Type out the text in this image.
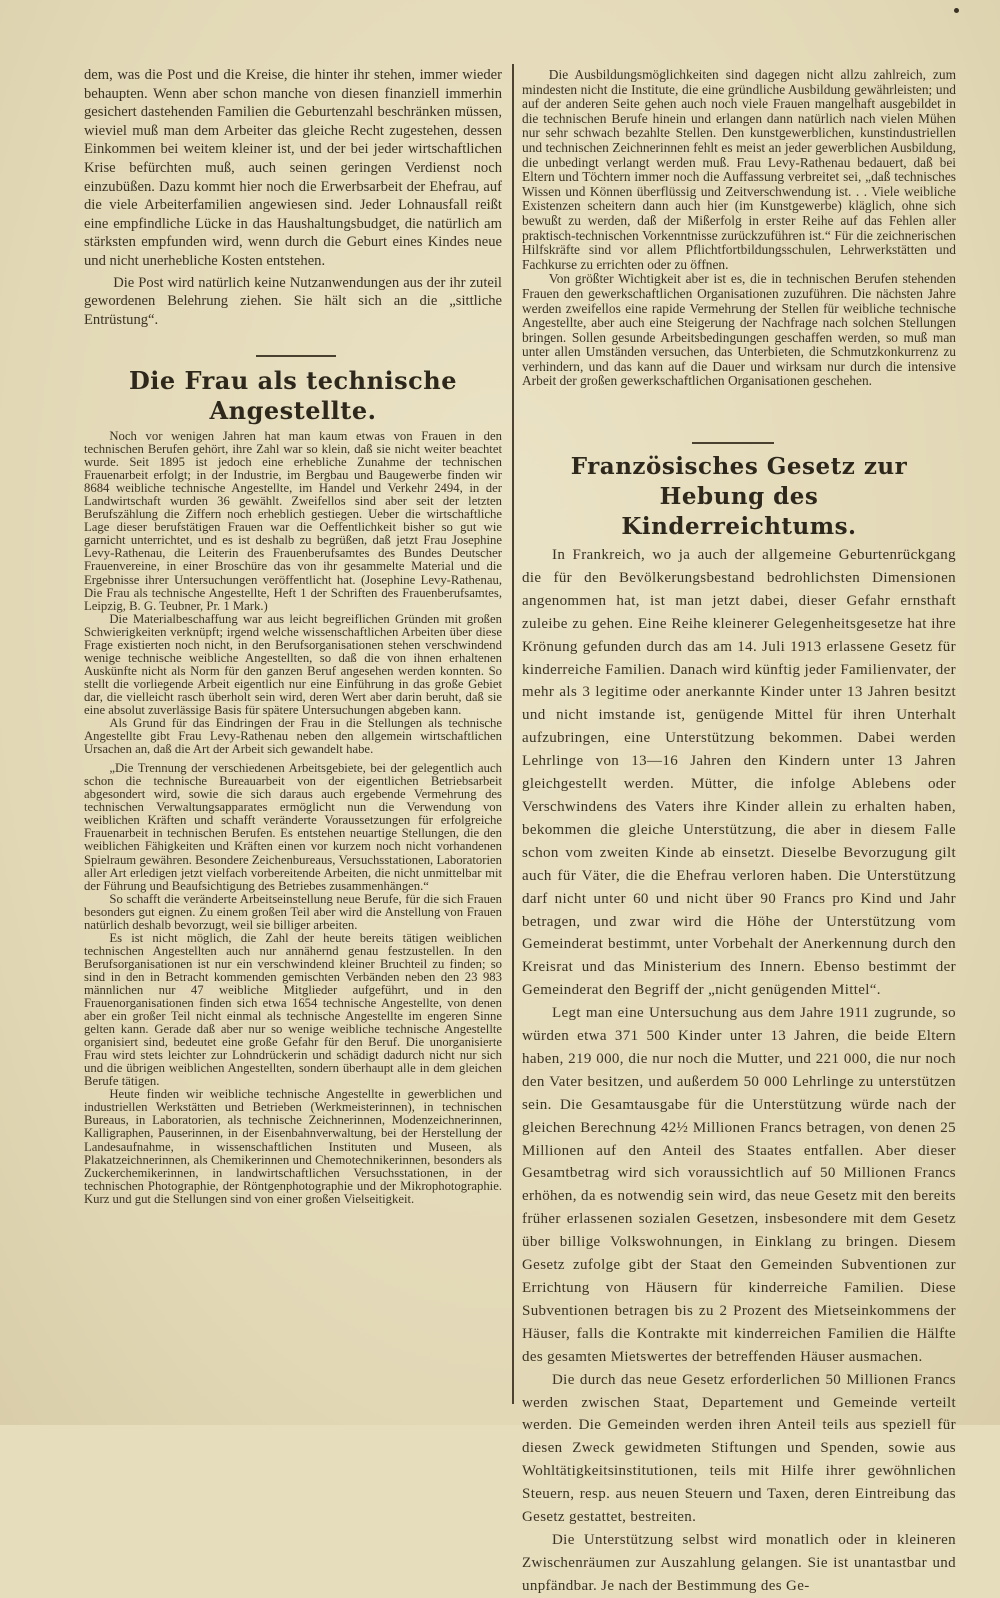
dem, was die Post und die Kreise, die hinter ihr stehen, immer wieder behaupten. Wenn aber schon manche von diesen finanziell immerhin gesichert dastehenden Familien die Geburtenzahl beschränken müssen, wieviel muß man dem Arbeiter das gleiche Recht zugestehen, dessen Einkommen bei weitem kleiner ist, und der bei jeder wirtschaftlichen Krise befürchten muß, auch seinen geringen Verdienst noch einzubüßen. Dazu kommt hier noch die Erwerbsarbeit der Ehefrau, auf die viele Arbeiterfamilien angewiesen sind. Jeder Lohnausfall reißt eine empfindliche Lücke in das Haushaltungsbudget, die natürlich am stärksten empfunden wird, wenn durch die Geburt eines Kindes neue und nicht unerhebliche Kosten entstehen.

Die Post wird natürlich keine Nutzanwendungen aus der ihr zuteil gewordenen Belehrung ziehen. Sie hält sich an die „sittliche Entrüstung“.

Die Frau als technische Angestellte.

Noch vor wenigen Jahren hat man kaum etwas von Frauen in den technischen Berufen gehört, ihre Zahl war so klein, daß sie nicht weiter beachtet wurde. Seit 1895 ist jedoch eine erhebliche Zunahme der technischen Frauenarbeit erfolgt; in der Industrie, im Bergbau und Baugewerbe finden wir 8684 weibliche technische Angestellte, im Handel und Verkehr 2494, in der Landwirtschaft wurden 36 gewählt. Zweifellos sind aber seit der letzten Berufszählung die Ziffern noch erheblich gestiegen. Ueber die wirtschaftliche Lage dieser berufstätigen Frauen war die Oeffentlichkeit bisher so gut wie garnicht unterrichtet, und es ist deshalb zu begrüßen, daß jetzt Frau Josephine Levy-Rathenau, die Leiterin des Frauenberufsamtes des Bundes Deutscher Frauenvereine, in einer Broschüre das von ihr gesammelte Material und die Ergebnisse ihrer Untersuchungen veröffentlicht hat. (Josephine Levy-Rathenau, Die Frau als technische Angestellte, Heft 1 der Schriften des Frauenberufsamtes, Leipzig, B. G. Teubner, Pr. 1 Mark.)

Die Materialbeschaffung war aus leicht begreiflichen Gründen mit großen Schwierigkeiten verknüpft; irgend welche wissenschaftlichen Arbeiten über diese Frage existierten noch nicht, in den Berufsorganisationen stehen verschwindend wenige technische weibliche Angestellten, so daß die von ihnen erhaltenen Auskünfte nicht als Norm für den ganzen Beruf angesehen werden konnten. So stellt die vorliegende Arbeit eigentlich nur eine Einführung in das große Gebiet dar, die vielleicht rasch überholt sein wird, deren Wert aber darin beruht, daß sie eine absolut zuverlässige Basis für spätere Untersuchungen abgeben kann.

Als Grund für das Eindringen der Frau in die Stellungen als technische Angestellte gibt Frau Levy-Rathenau neben den allgemein wirtschaftlichen Ursachen an, daß die Art der Arbeit sich gewandelt habe.

„Die Trennung der verschiedenen Arbeitsgebiete, bei der gelegentlich auch schon die technische Bureauarbeit von der eigentlichen Betriebsarbeit abgesondert wird, sowie die sich daraus auch ergebende Vermehrung des technischen Verwaltungsapparates ermöglicht nun die Verwendung von weiblichen Kräften und schafft veränderte Voraussetzungen für erfolgreiche Frauenarbeit in technischen Berufen. Es entstehen neuartige Stellungen, die den weiblichen Fähigkeiten und Kräften einen vor kurzem noch nicht vorhandenen Spielraum gewähren. Besondere Zeichenbureaus, Versuchsstationen, Laboratorien aller Art erledigen jetzt vielfach vorbereitende Arbeiten, die nicht unmittelbar mit der Führung und Beaufsichtigung des Betriebes zusammenhängen.“

So schafft die veränderte Arbeitseinstellung neue Berufe, für die sich Frauen besonders gut eignen. Zu einem großen Teil aber wird die Anstellung von Frauen natürlich deshalb bevorzugt, weil sie billiger arbeiten.

Es ist nicht möglich, die Zahl der heute bereits tätigen weiblichen technischen Angestellten auch nur annähernd genau festzustellen. In den Berufsorganisationen ist nur ein verschwindend kleiner Bruchteil zu finden; so sind in den in Betracht kommenden gemischten Verbänden neben den 23 983 männlichen nur 47 weibliche Mitglieder aufgeführt, und in den Frauenorganisationen finden sich etwa 1654 technische Angestellte, von denen aber ein großer Teil nicht einmal als technische Angestellte im engeren Sinne gelten kann. Gerade daß aber nur so wenige weibliche technische Angestellte organisiert sind, bedeutet eine große Gefahr für den Beruf. Die unorganisierte Frau wird stets leichter zur Lohndrückerin und schädigt dadurch nicht nur sich und die übrigen weiblichen Angestellten, sondern überhaupt alle in dem gleichen Berufe tätigen.

Heute finden wir weibliche technische Angestellte in gewerblichen und industriellen Werkstätten und Betrieben (Werkmeisterinnen), in technischen Bureaus, in Laboratorien, als technische Zeichnerinnen, Modenzeichnerinnen, Kalligraphen, Pauserinnen, in der Eisenbahnverwaltung, bei der Herstellung der Landesaufnahme, in wissenschaftlichen Instituten und Museen, als Plakatzeichnerinnen, als Chemikerinnen und Chemotechnikerinnen, besonders als Zuckerchemikerinnen, in landwirtschaftlichen Versuchsstationen, in der technischen Photographie, der Röntgenphotographie und der Mikrophotographie. Kurz und gut die Stellungen sind von einer großen Vielseitigkeit.

Die Ausbildungsmöglichkeiten sind dagegen nicht allzu zahlreich, zum mindesten nicht die Institute, die eine gründliche Ausbildung gewährleisten; und auf der anderen Seite gehen auch noch viele Frauen mangelhaft ausgebildet in die technischen Berufe hinein und erlangen dann natürlich nach vielen Mühen nur sehr schwach bezahlte Stellen. Den kunstgewerblichen, kunstindustriellen und technischen Zeichnerinnen fehlt es meist an jeder gewerblichen Ausbildung, die unbedingt verlangt werden muß. Frau Levy-Rathenau bedauert, daß bei Eltern und Töchtern immer noch die Auffassung verbreitet sei, „daß technisches Wissen und Können überflüssig und Zeitverschwendung ist. . . Viele weibliche Existenzen scheitern dann auch hier (im Kunstgewerbe) kläglich, ohne sich bewußt zu werden, daß der Mißerfolg in erster Reihe auf das Fehlen aller praktisch-technischen Vorkenntnisse zurückzuführen ist.“ Für die zeichnerischen Hilfskräfte sind vor allem Pflichtfortbildungsschulen, Lehrwerkstätten und Fachkurse zu errichten oder zu öffnen.

Von größter Wichtigkeit aber ist es, die in technischen Berufen stehenden Frauen den gewerkschaftlichen Organisationen zuzuführen. Die nächsten Jahre werden zweifellos eine rapide Vermehrung der Stellen für weibliche technische Angestellte, aber auch eine Steigerung der Nachfrage nach solchen Stellungen bringen. Sollen gesunde Arbeitsbedingungen geschaffen werden, so muß man unter allen Umständen versuchen, das Unterbieten, die Schmutzkonkurrenz zu verhindern, und das kann auf die Dauer und wirksam nur durch die intensive Arbeit der großen gewerkschaftlichen Organisationen geschehen.

Französisches Gesetz zur Hebung des
Kinderreichtums.

In Frankreich, wo ja auch der allgemeine Geburtenrückgang die für den Bevölkerungsbestand bedrohlichsten Dimensionen angenommen hat, ist man jetzt dabei, dieser Gefahr ernsthaft zuleibe zu gehen. Eine Reihe kleinerer Gelegenheitsgesetze hat ihre Krönung gefunden durch das am 14. Juli 1913 erlassene Gesetz für kinderreiche Familien. Danach wird künftig jeder Familienvater, der mehr als 3 legitime oder anerkannte Kinder unter 13 Jahren besitzt und nicht imstande ist, genügende Mittel für ihren Unterhalt aufzubringen, eine Unterstützung bekommen. Dabei werden Lehrlinge von 13—16 Jahren den Kindern unter 13 Jahren gleichgestellt werden. Mütter, die infolge Ablebens oder Verschwindens des Vaters ihre Kinder allein zu erhalten haben, bekommen die gleiche Unterstützung, die aber in diesem Falle schon vom zweiten Kinde ab einsetzt. Dieselbe Bevorzugung gilt auch für Väter, die die Ehefrau verloren haben. Die Unterstützung darf nicht unter 60 und nicht über 90 Francs pro Kind und Jahr betragen, und zwar wird die Höhe der Unterstützung vom Gemeinderat bestimmt, unter Vorbehalt der Anerkennung durch den Kreisrat und das Ministerium des Innern. Ebenso bestimmt der Gemeinderat den Begriff der „nicht genügenden Mittel“.

Legt man eine Untersuchung aus dem Jahre 1911 zugrunde, so würden etwa 371 500 Kinder unter 13 Jahren, die beide Eltern haben, 219 000, die nur noch die Mutter, und 221 000, die nur noch den Vater besitzen, und außerdem 50 000 Lehrlinge zu unterstützen sein. Die Gesamtausgabe für die Unterstützung würde nach der gleichen Berechnung 42½ Millionen Francs betragen, von denen 25 Millionen auf den Anteil des Staates entfallen. Aber dieser Gesamtbetrag wird sich voraussichtlich auf 50 Millionen Francs erhöhen, da es notwendig sein wird, das neue Gesetz mit den bereits früher erlassenen sozialen Gesetzen, insbesondere mit dem Gesetz über billige Volkswohnungen, in Einklang zu bringen. Diesem Gesetz zufolge gibt der Staat den Gemeinden Subventionen zur Errichtung von Häusern für kinderreiche Familien. Diese Subventionen betragen bis zu 2 Prozent des Mietseinkommens der Häuser, falls die Kontrakte mit kinderreichen Familien die Hälfte des gesamten Mietswertes der betreffenden Häuser ausmachen.

Die durch das neue Gesetz erforderlichen 50 Millionen Francs werden zwischen Staat, Departement und Gemeinde verteilt werden. Die Gemeinden werden ihren Anteil teils aus speziell für diesen Zweck gewidmeten Stiftungen und Spenden, sowie aus Wohltätigkeitsinstitutionen, teils mit Hilfe ihrer gewöhnlichen Steuern, resp. aus neuen Steuern und Taxen, deren Eintreibung das Gesetz gestattet, bestreiten.

Die Unterstützung selbst wird monatlich oder in kleineren Zwischenräumen zur Auszahlung gelangen. Sie ist unantastbar und unpfändbar. Je nach der Bestimmung des Ge-
